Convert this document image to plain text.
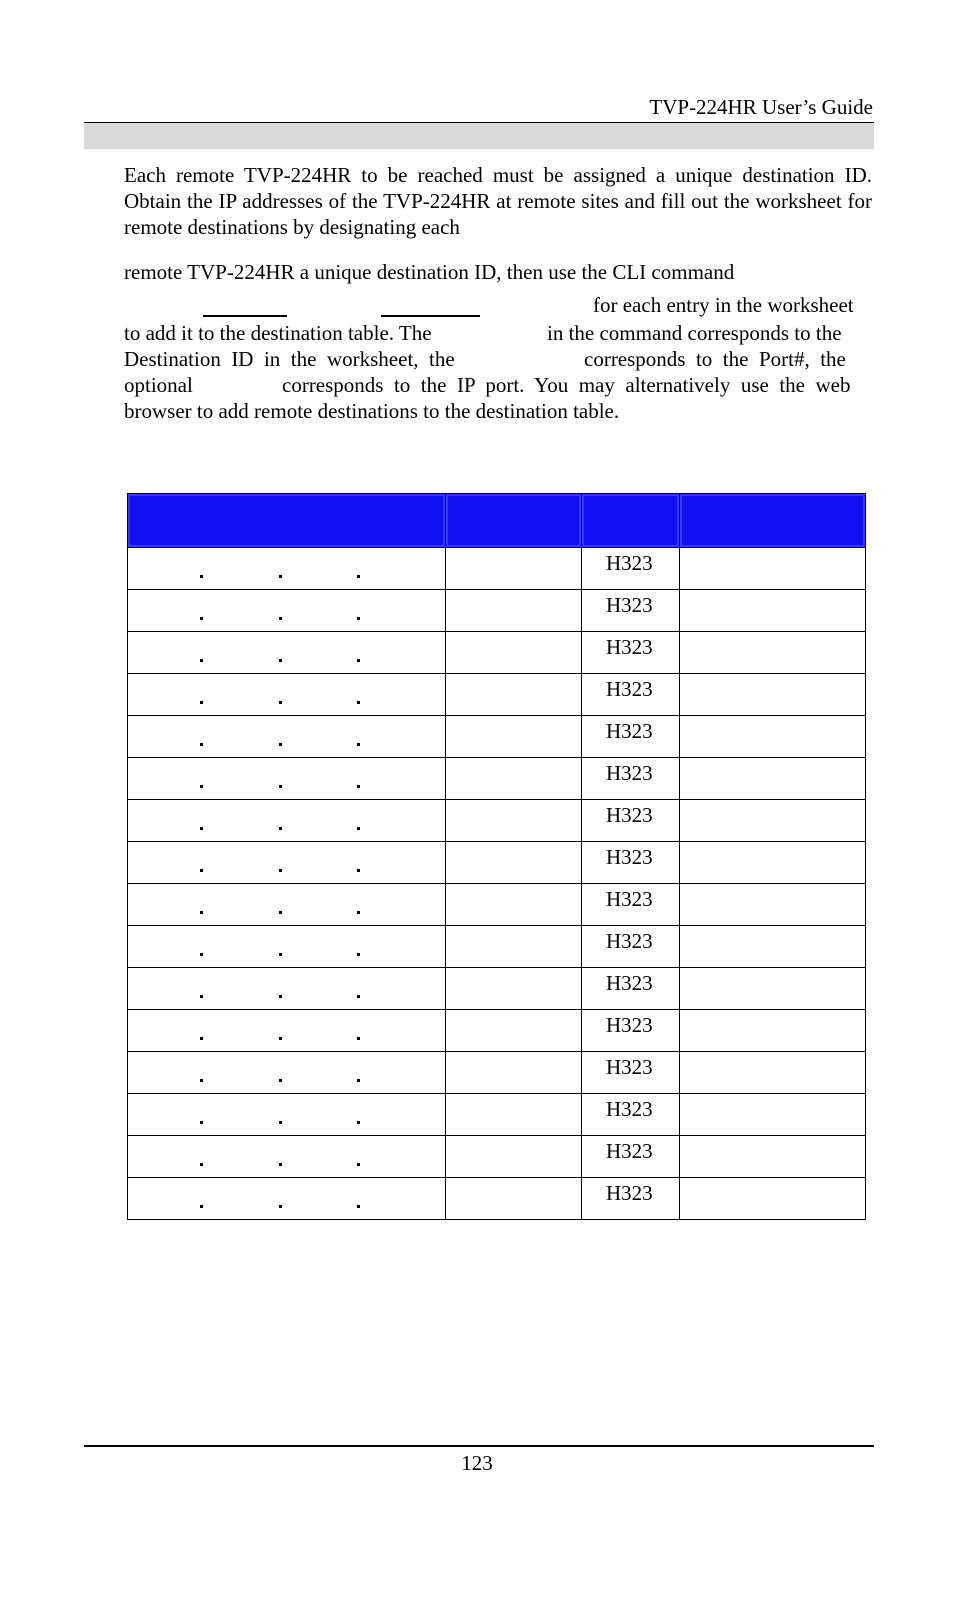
TVP-224HR User’s Guide
Each remote TVP-224HR to be reached must be assigned a unique destination ID. Obtain the IP addresses of the TVP-224HR at remote sites and fill out the worksheet for remote destinations by designating each
remote TVP-224HR a unique destination ID, then use the CLI command
for each entry in the worksheet
to add it to the destination table. The	in the command corresponds to the
Destination  ID  in  the  worksheet,  the	corresponds  to  the  Port#,  the
optional	corresponds  to  the  IP  port.  You  may  alternatively  use  the  web
browser to add remote destinations to the destination table.

		H323	

		H323	

		H323	

		H323	

		H323	

		H323	

		H323	

		H323	

		H323	

		H323	

		H323	

		H323	

		H323	

		H323	

		H323	

		H323	
123
